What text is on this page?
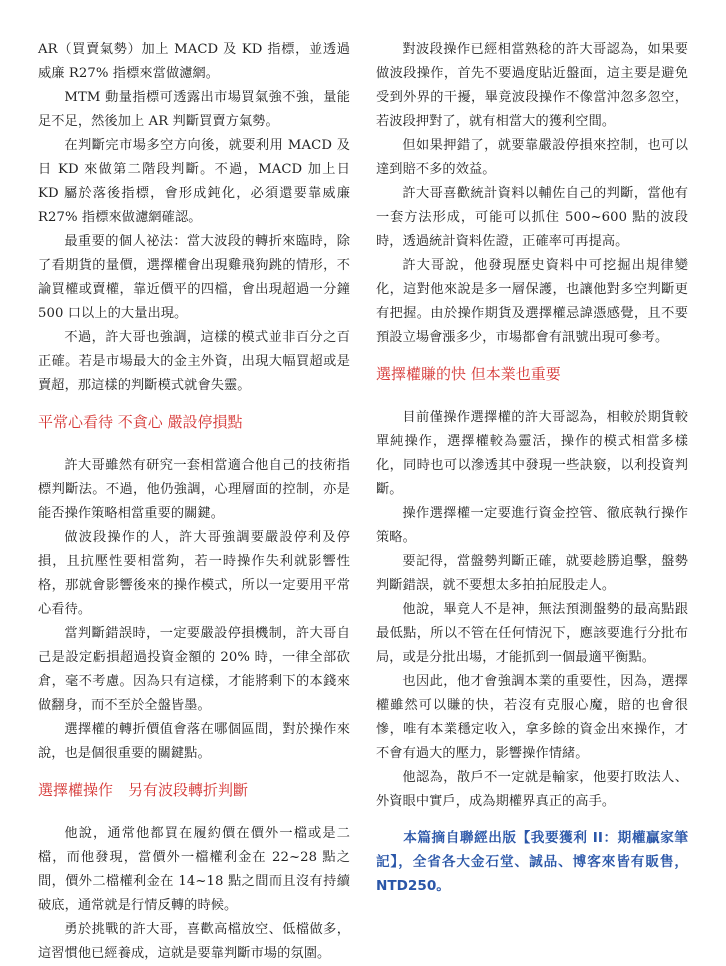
AR（買賣氣勢）加上 MACD 及 KD 指標，並透過威廉 R27% 指標來當做濾網。

MTM 動量指標可透露出市場買氣強不強，量能足不足，然後加上 AR 判斷買賣方氣勢。

在判斷完市場多空方向後，就要利用 MACD 及日 KD 來做第二階段判斷。不過，MACD 加上日 KD 屬於落後指標，會形成鈍化，必須還要靠威廉 R27% 指標來做濾網確認。

最重要的個人祕法：當大波段的轉折來臨時，除了看期貨的量價，選擇權會出現雞飛狗跳的情形，不論買權或賣權，靠近價平的四檔，會出現超過一分鐘 500 口以上的大量出現。

不過，許大哥也強調，這樣的模式並非百分之百正確。若是市場最大的金主外資，出現大幅買超或是賣超，那這樣的判斷模式就會失靈。

平常心看待 不貪心 嚴設停損點

許大哥雖然有研究一套相當適合他自己的技術指標判斷法。不過，他仍強調，心理層面的控制，亦是能否操作策略相當重要的關鍵。

做波段操作的人，許大哥強調要嚴設停利及停損，且抗壓性要相當夠，若一時操作失利就影響性格，那就會影響後來的操作模式，所以一定要用平常心看待。

當判斷錯誤時，一定要嚴設停損機制，許大哥自己是設定虧損超過投資金額的 20% 時，一律全部砍倉，毫不考慮。因為只有這樣，才能將剩下的本錢來做翻身，而不至於全盤皆墨。

選擇權的轉折價值會落在哪個區間，對於操作來說，也是個很重要的關鍵點。

選擇權操作　另有波段轉折判斷

他說，通常他都買在履約價在價外一檔或是二檔，而他發現，當價外一檔權利金在 22~28 點之間，價外二檔權利金在 14~18 點之間而且沒有持續破底，通常就是行情反轉的時候。

勇於挑戰的許大哥，喜歡高檔放空、低檔做多，這習慣他已經養成，這就是要靠判斷市場的氛圍。

對波段操作已經相當熟稔的許大哥認為，如果要做波段操作，首先不要過度貼近盤面，這主要是避免受到外界的干擾，畢竟波段操作不像當沖忽多忽空，若波段押對了，就有相當大的獲利空間。

但如果押錯了，就要靠嚴設停損來控制，也可以達到賠不多的效益。

許大哥喜歡統計資料以輔佐自己的判斷，當他有一套方法形成，可能可以抓住 500~600 點的波段時，透過統計資料佐證，正確率可再提高。

許大哥說，他發現歷史資料中可挖掘出規律變化，這對他來說是多一層保護，也讓他對多空判斷更有把握。由於操作期貨及選擇權忌諱憑感覺，且不要預設立場會漲多少，市場都會有訊號出現可參考。

選擇權賺的快 但本業也重要

目前僅操作選擇權的許大哥認為，相較於期貨較單純操作，選擇權較為靈活，操作的模式相當多樣化，同時也可以滲透其中發現一些訣竅，以利投資判斷。

操作選擇權一定要進行資金控管、徹底執行操作策略。

要記得，當盤勢判斷正確，就要趁勝追擊，盤勢判斷錯誤，就不要想太多拍拍屁股走人。

他說，畢竟人不是神，無法預測盤勢的最高點跟最低點，所以不管在任何情況下，應該要進行分批布局，或是分批出場，才能抓到一個最適平衡點。

也因此，他才會強調本業的重要性，因為，選擇權雖然可以賺的快，若沒有克服心魔，賠的也會很慘，唯有本業穩定收入，拿多餘的資金出來操作，才不會有過大的壓力，影響操作情緒。

他認為，散戶不一定就是輸家，他要打敗法人、外資眼中實戶，成為期權界真正的高手。

本篇摘自聯經出版【我要獲利 II：期權贏家筆記】，全省各大金石堂、誠品、博客來皆有販售，NTD250。
